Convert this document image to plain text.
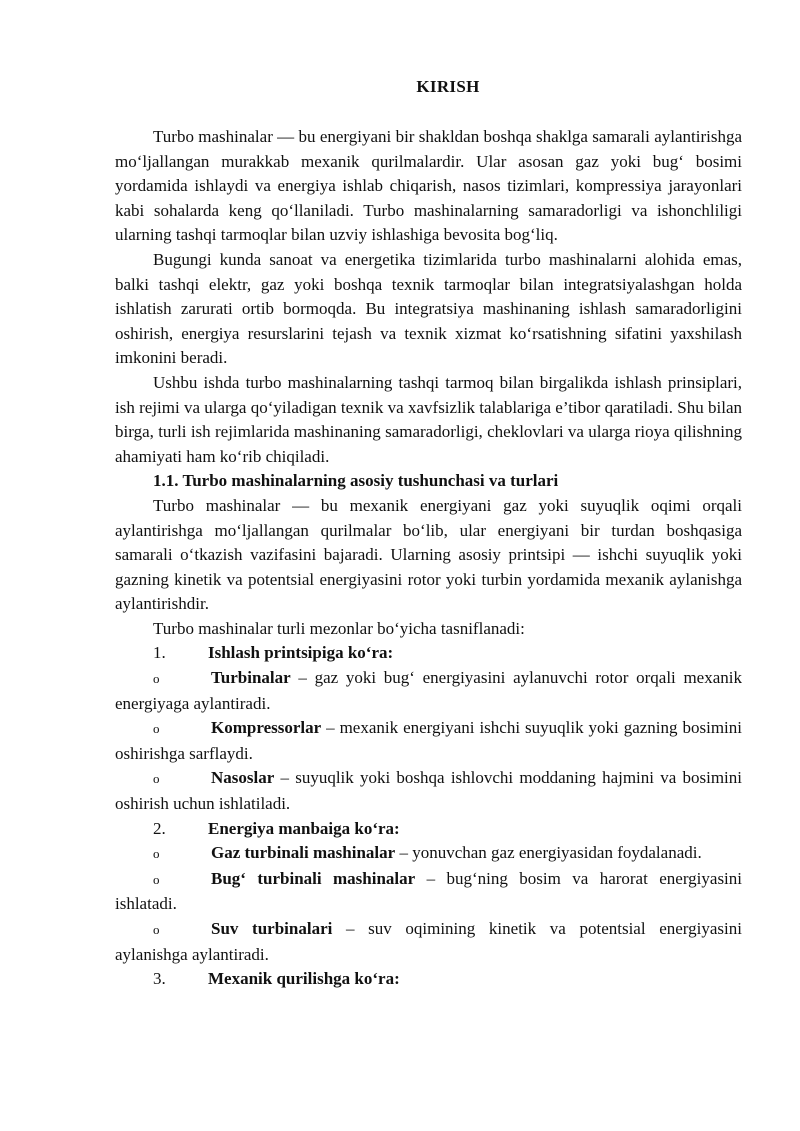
KIRISH

Turbo mashinalar — bu energiyani bir shakldan boshqa shaklga samarali aylantirishga mo‘ljallangan murakkab mexanik qurilmalardir. Ular asosan gaz yoki bug‘ bosimi yordamida ishlaydi va energiya ishlab chiqarish, nasos tizimlari, kompressiya jarayonlari kabi sohalarda keng qo‘llaniladi. Turbo mashinalarning samaradorligi va ishonchliligi ularning tashqi tarmoqlar bilan uzviy ishlashiga bevosita bog‘liq.

Bugungi kunda sanoat va energetika tizimlarida turbo mashinalarni alohida emas, balki tashqi elektr, gaz yoki boshqa texnik tarmoqlar bilan integratsiyalashgan holda ishlatish zarurati ortib bormoqda. Bu integratsiya mashinaning ishlash samaradorligini oshirish, energiya resurslarini tejash va texnik xizmat ko‘rsatishning sifatini yaxshilash imkonini beradi.

Ushbu ishda turbo mashinalarning tashqi tarmoq bilan birgalikda ishlash prinsiplari, ish rejimi va ularga qo‘yiladigan texnik va xavfsizlik talablariga e’tibor qaratiladi. Shu bilan birga, turli ish rejimlarida mashinaning samaradorligi, cheklovlari va ularga rioya qilishning ahamiyati ham ko‘rib chiqiladi.

1.1. Turbo mashinalarning asosiy tushunchasi va turlari

Turbo mashinalar — bu mexanik energiyani gaz yoki suyuqlik oqimi orqali aylantirishga mo‘ljallangan qurilmalar bo‘lib, ular energiyani bir turdan boshqasiga samarali o‘tkazish vazifasini bajaradi. Ularning asosiy printsipi — ishchi suyuqlik yoki gazning kinetik va potentsial energiyasini rotor yoki turbin yordamida mexanik aylanishga aylantirishdir.

Turbo mashinalar turli mezonlar bo‘yicha tasniflanadi:

1. Ishlash printsipiga ko‘ra:

o	Turbinalar – gaz yoki bug‘ energiyasini aylanuvchi rotor orqali mexanik energiyaga aylantiradi.

o	Kompressorlar – mexanik energiyani ishchi suyuqlik yoki gazning bosimini oshirishga sarflaydi.

o	Nasoslar – suyuqlik yoki boshqa ishlovchi moddaning hajmini va bosimini oshirish uchun ishlatiladi.

2. Energiya manbaiga ko‘ra:

o	Gaz turbinali mashinalar – yonuvchan gaz energiyasidan foydalanadi.

o	Bug‘ turbinali mashinalar – bug‘ning bosim va harorat energiyasini ishlatadi.

o	Suv turbinalari – suv oqimining kinetik va potentsial energiyasini aylanishga aylantiradi.

3. Mexanik qurilishga ko‘ra:
